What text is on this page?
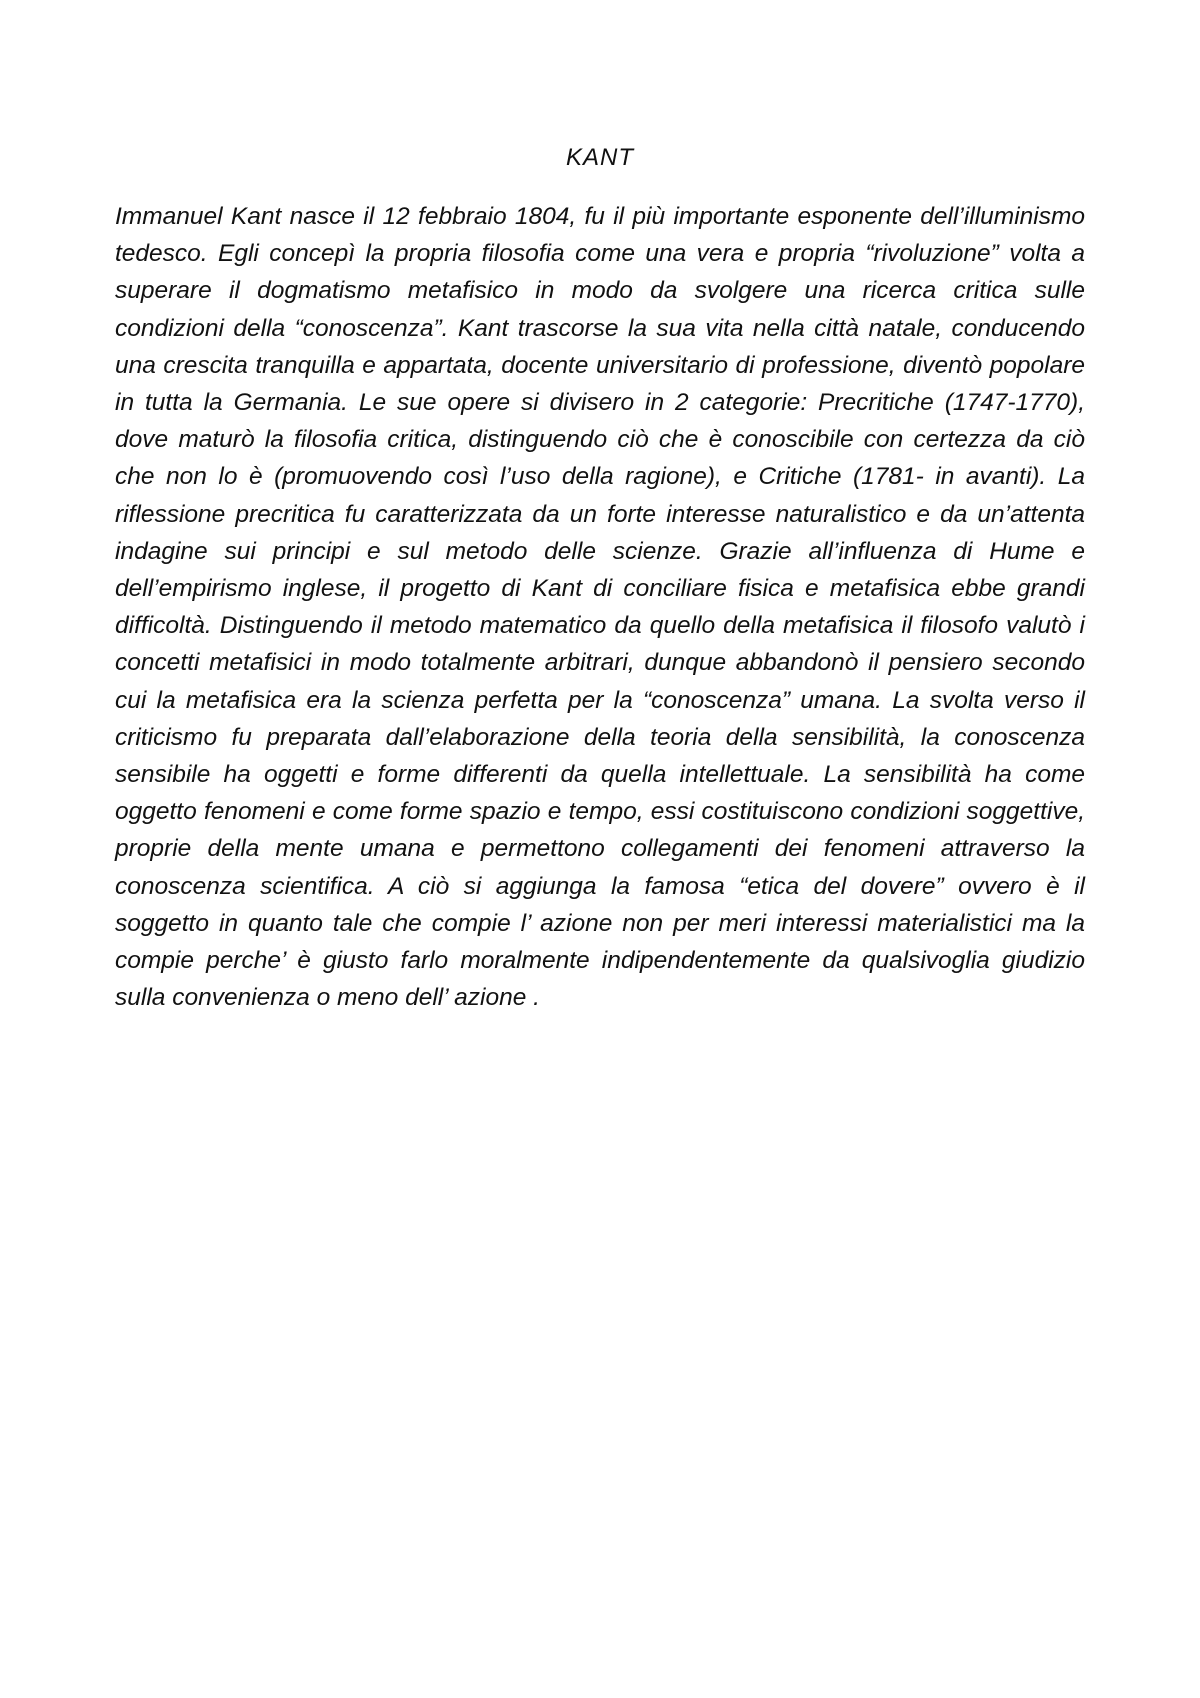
KANT

Immanuel Kant nasce il 12 febbraio 1804, fu il più importante esponente dell’illuminismo tedesco. Egli concepì la propria filosofia come una vera e propria “rivoluzione” volta a superare il dogmatismo metafisico in modo da svolgere una ricerca critica sulle condizioni della “conoscenza”. Kant trascorse la sua vita nella città natale, conducendo una crescita tranquilla e appartata, docente universitario di professione, diventò popolare in tutta la Germania. Le sue opere si divisero in 2 categorie: Precritiche (1747-1770), dove maturò la filosofia critica, distinguendo ciò che è conoscibile con certezza da ciò che non lo è (promuovendo così l’uso della ragione), e Critiche (1781- in avanti). La riflessione precritica fu caratterizzata da un forte interesse naturalistico e da un’attenta indagine sui principi e sul metodo delle scienze. Grazie all’influenza di Hume e dell’empirismo inglese, il progetto di Kant di conciliare fisica e metafisica ebbe grandi difficoltà. Distinguendo il metodo matematico da quello della metafisica il filosofo valutò i concetti metafisici in modo totalmente arbitrari, dunque abbandonò il pensiero secondo cui la metafisica era la scienza perfetta per la “conoscenza” umana. La svolta verso il criticismo fu preparata dall’elaborazione della teoria della sensibilità, la conoscenza sensibile ha oggetti e forme differenti da quella intellettuale. La sensibilità ha come oggetto fenomeni e come forme spazio e tempo, essi costituiscono condizioni soggettive, proprie della mente umana e permettono collegamenti dei fenomeni attraverso la conoscenza scientifica. A ciò si aggiunga la famosa “etica del dovere” ovvero è il soggetto in quanto tale che compie l’ azione non per meri interessi materialistici ma la compie perche’ è giusto farlo moralmente indipendentemente da qualsivoglia giudizio sulla convenienza o meno dell’ azione .
